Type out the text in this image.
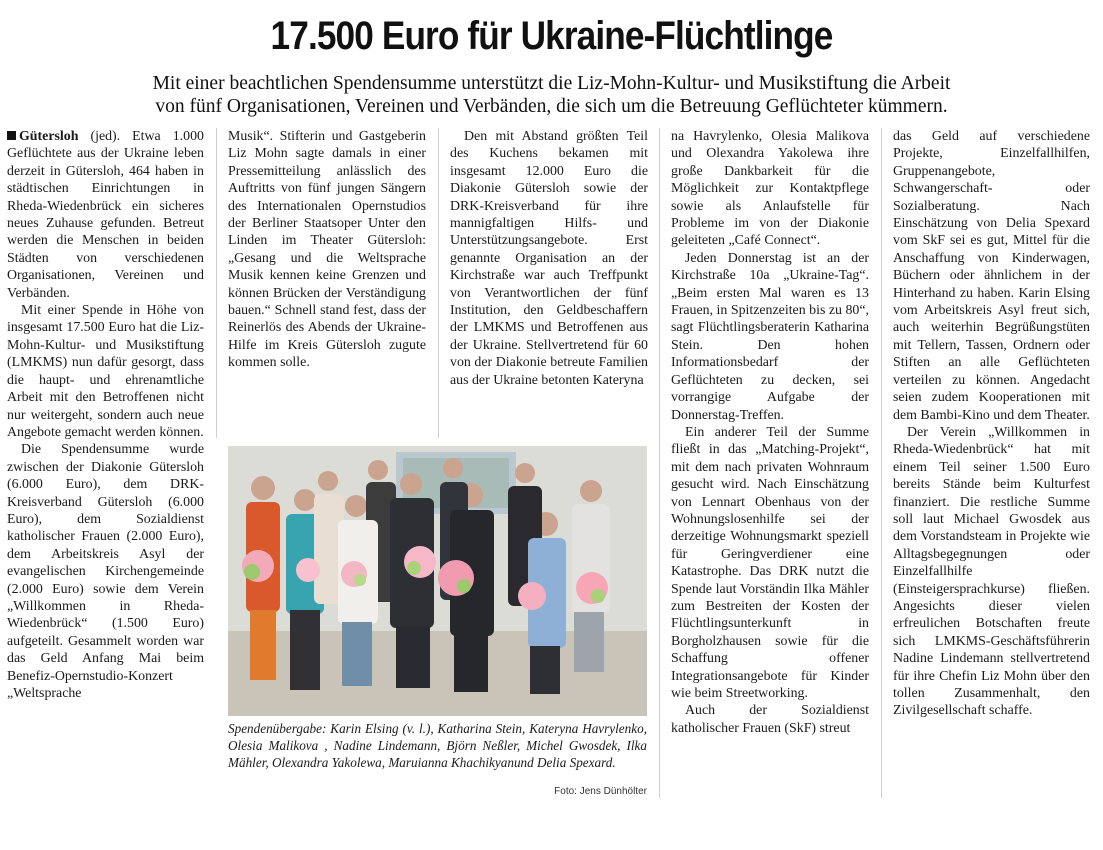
17.500 Euro für Ukraine-Flüchtlinge
Mit einer beachtlichen Spendensumme unterstützt die Liz-Mohn-Kultur- und Musikstiftung die Arbeit
von fünf Organisationen, Vereinen und Verbänden, die sich um die Betreuung Geflüchteter kümmern.

Gütersloh (jed). Etwa 1.000 Geflüchtete aus der Ukraine leben derzeit in Gütersloh, 464 haben in städtischen Einrichtungen in Rheda-Wiedenbrück ein sicheres neues Zuhause gefunden. Betreut werden die Menschen in beiden Städten von verschiedenen Organisationen, Vereinen und Verbänden.

Mit einer Spende in Höhe von insgesamt 17.500 Euro hat die Liz-Mohn-Kultur- und Musikstiftung (LMKMS) nun dafür gesorgt, dass die haupt- und ehrenamtliche Arbeit mit den Betroffenen nicht nur weitergeht, sondern auch neue Angebote gemacht werden können.

Die Spendensumme wurde zwischen der Diakonie Gütersloh (6.000 Euro), dem DRK-Kreisverband Gütersloh (6.000 Euro), dem Sozialdienst katholischer Frauen (2.000 Euro), dem Arbeitskreis Asyl der evangelischen Kirchengemeinde (2.000 Euro) sowie dem Verein „Willkommen in Rheda-Wiedenbrück“ (1.500 Euro) aufgeteilt. Gesammelt worden war das Geld Anfang Mai beim Benefiz-Opernstudio-Konzert „Weltsprache

Musik“. Stifterin und Gastgeberin Liz Mohn sagte damals in einer Pressemitteilung anlässlich des Auftritts von fünf jungen Sängern des Internationalen Opernstudios der Berliner Staatsoper Unter den Linden im Theater Gütersloh: „Gesang und die Weltsprache Musik kennen keine Grenzen und können Brücken der Verständigung bauen.“ Schnell stand fest, dass der Reinerlös des Abends der Ukraine-Hilfe im Kreis Gütersloh zugute kommen solle.

Den mit Abstand größten Teil des Kuchens bekamen mit insgesamt 12.000 Euro die Diakonie Gütersloh sowie der DRK-Kreisverband für ihre mannigfaltigen Hilfs- und Unterstützungsangebote. Erst genannte Organisation an der Kirchstraße war auch Treffpunkt von Verantwortlichen der fünf Institution, den Geldbeschaffern der LMKMS und Betroffenen aus der Ukraine. Stellvertretend für 60 von der Diakonie betreute Familien aus der Ukraine betonten Kateryna

na Havrylenko, Olesia Malikova und Olexandra Yakolewa ihre große Dankbarkeit für die Möglichkeit zur Kontaktpflege sowie als Anlaufstelle für Probleme im von der Diakonie geleiteten „Café Connect“.

Jeden Donnerstag ist an der Kirchstraße 10a „Ukraine-Tag“. „Beim ersten Mal waren es 13 Frauen, in Spitzenzeiten bis zu 80“, sagt Flüchtlingsberaterin Katharina Stein. Den hohen Informationsbedarf der Geflüchteten zu decken, sei vorrangige Aufgabe der Donnerstag-Treffen.

Ein anderer Teil der Summe fließt in das „Matching-Projekt“, mit dem nach privaten Wohnraum gesucht wird. Nach Einschätzung von Lennart Obenhaus von der Wohnungslosenhilfe sei der derzeitige Wohnungsmarkt speziell für Geringverdiener eine Katastrophe. Das DRK nutzt die Spende laut Vorständin Ilka Mähler zum Bestreiten der Kosten der Flüchtlingsunterkunft in Borgholzhausen sowie für die Schaffung offener Integrationsangebote für Kinder wie beim Streetworking.

Auch der Sozialdienst katholischer Frauen (SkF) streut

das Geld auf verschiedene Projekte, Einzelfallhilfen, Gruppenangebote, Schwangerschaft- oder Sozialberatung. Nach Einschätzung von Delia Spexard vom SkF sei es gut, Mittel für die Anschaffung von Kinderwagen, Büchern oder ähnlichem in der Hinterhand zu haben. Karin Elsing vom Arbeitskreis Asyl freut sich, auch weiterhin Begrüßungstüten mit Tellern, Tassen, Ordnern oder Stiften an alle Geflüchteten verteilen zu können. Angedacht seien zudem Kooperationen mit dem Bambi-Kino und dem Theater.

Der Verein „Willkommen in Rheda-Wiedenbrück“ hat mit einem Teil seiner 1.500 Euro bereits Stände beim Kulturfest finanziert. Die restliche Summe soll laut Michael Gwosdek aus dem Vorstandsteam in Projekte wie Alltagsbegegnungen oder Einzelfallhilfe (Einsteigersprachkurse) fließen. Angesichts dieser vielen erfreulichen Botschaften freute sich LMKMS-Geschäftsführerin Nadine Lindemann stellvertretend für ihre Chefin Liz Mohn über den tollen Zusammenhalt, den Zivilgesellschaft schaffe.

Spendenübergabe: Karin Elsing (v. l.), Katharina Stein, Kateryna Havrylenko, Olesia Malikova , Nadine Lindemann, Björn Neßler, Michel Gwosdek, Ilka Mähler, Olexandra Yakolewa, Maruianna Khachikyanund Delia Spexard.
Foto: Jens Dünhölter
